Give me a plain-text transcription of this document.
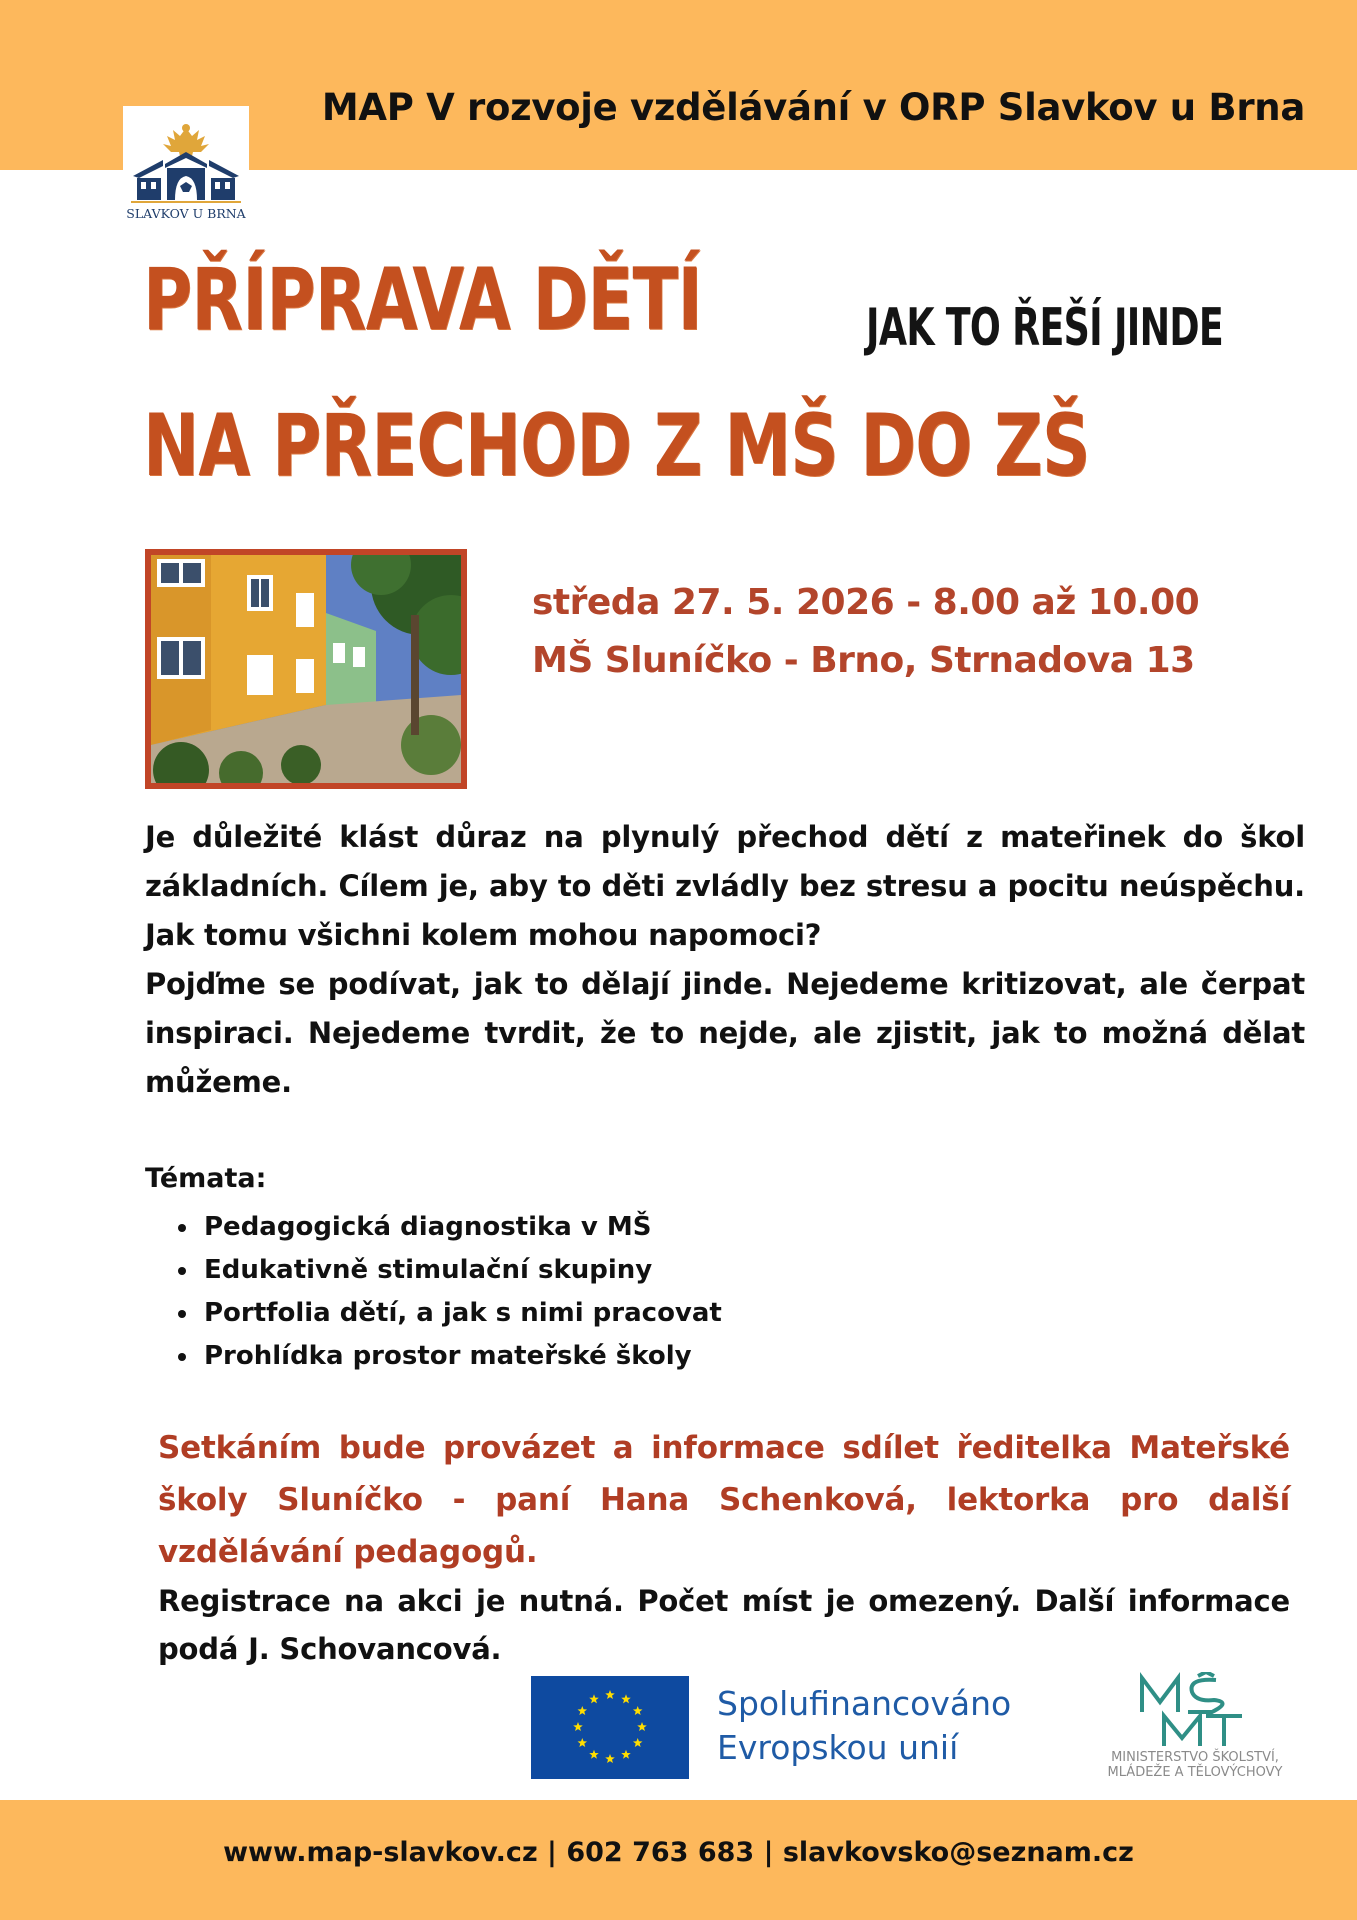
MAP V rozvoje vzdělávání v ORP Slavkov u Brna
SLAVKOV U BRNA
PŘÍPRAVA DĚTÍ	JAK TO ŘEŠÍ JINDE
NA PŘECHOD Z MŠ DO ZŠ
středa 27. 5. 2026 - 8.00 až 10.00
MŠ Sluníčko - Brno, Strnadova 13

Je důležité klást důraz na plynulý přechod dětí z mateřinek do škol základních. Cílem je, aby to děti zvládly bez stresu a pocitu neúspěchu. Jak tomu všichni kolem mohou napomoci?

Pojďme se podívat, jak to dělají jinde. Nejedeme kritizovat, ale čerpat inspiraci. Nejedeme tvrdit, že to nejde, ale zjistit, jak to možná dělat můžeme.

Témata:
• Pedagogická diagnostika v MŠ
• Edukativně stimulační skupiny
• Portfolia dětí, a jak s nimi pracovat
• Prohlídka prostor mateřské školy
Setkáním bude provázet a informace sdílet ředitelka Mateřské školy Sluníčko - paní Hana Schenková, lektorka pro další vzdělávání pedagogů.
Registrace na akci je nutná. Počet míst je omezený. Další informace podá J. Schovancová.
Spolufinancováno
Evropskou unií	MINISTERSTVO ŠKOLSTVÍ,
MLÁDEŽE A TĚLOVÝCHOVY
www.map-slavkov.cz | 602 763 683 | slavkovsko@seznam.cz
